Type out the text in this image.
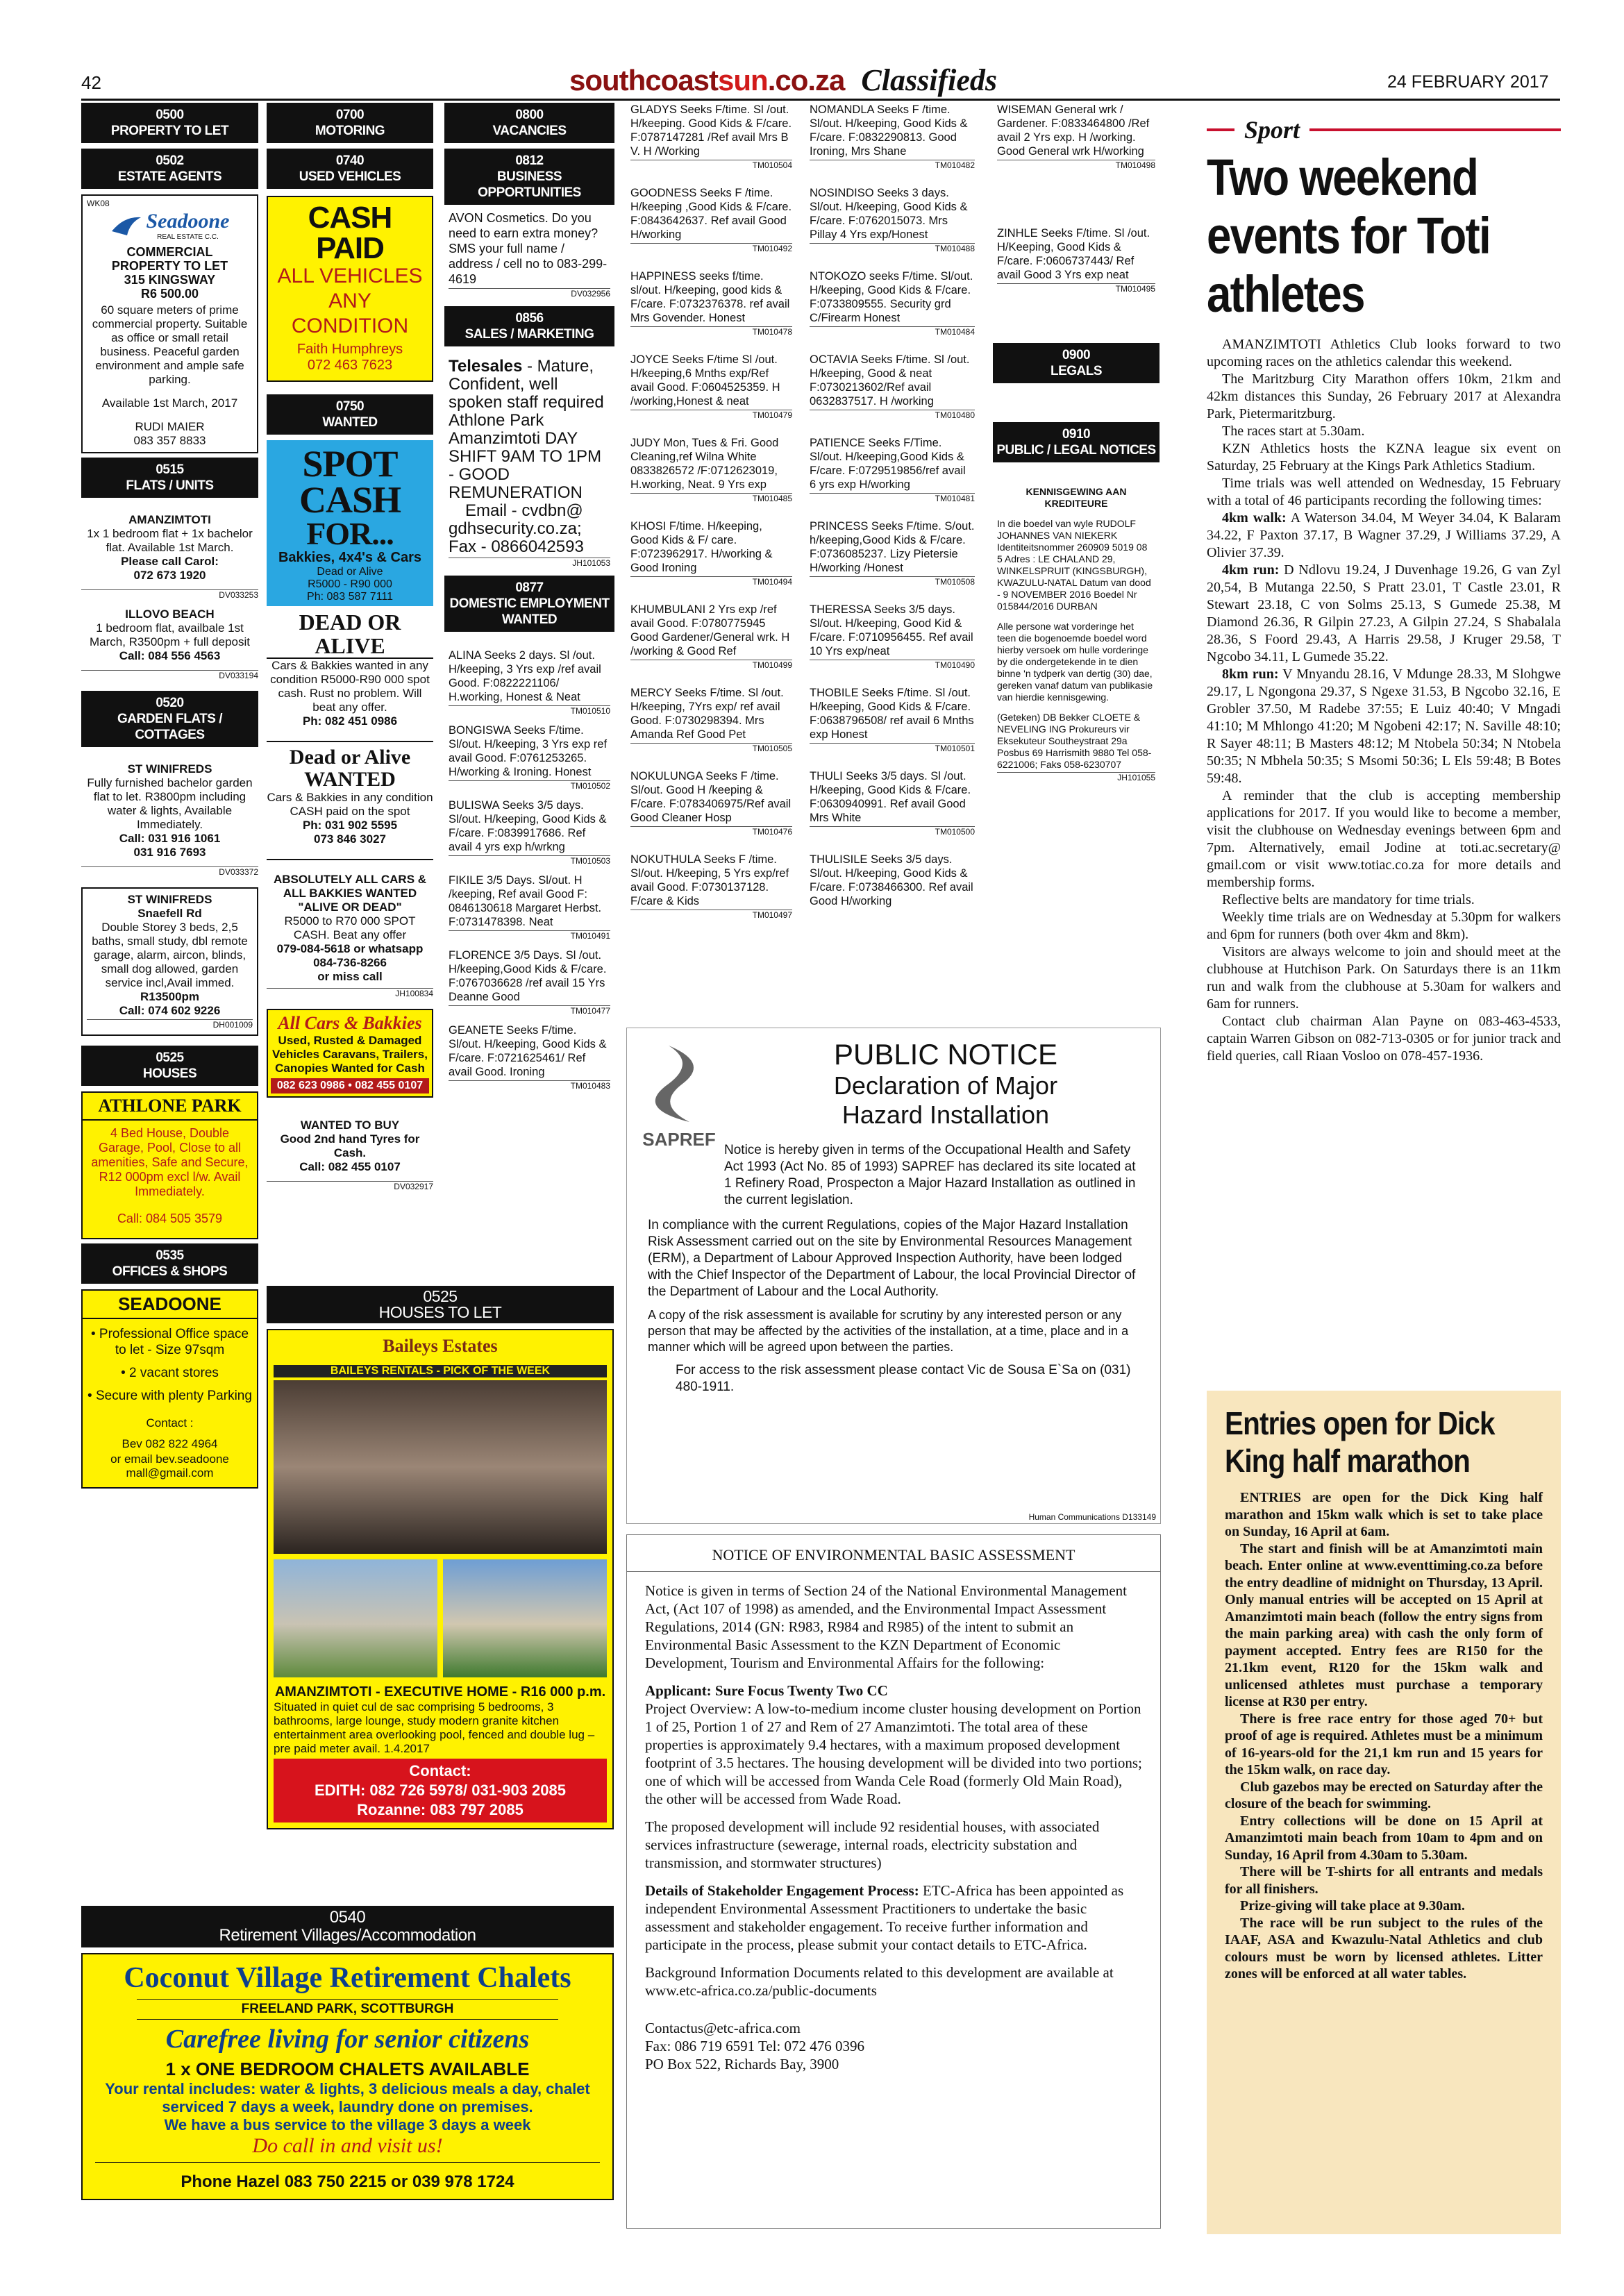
42	southcoastsun.co.za Classifieds	24 FEBRUARY 2017
0500
PROPERTY TO LET
0502
ESTATE AGENTS
WK08
Seadoone
REAL ESTATE C.C.
COMMERCIAL
PROPERTY TO LET
315 KINGSWAY
R6 500.00
60 square meters of prime commercial property. Suitable as office or small retail business. Peaceful garden environment and ample safe parking.
Available 1st March, 2017
RUDI MAIER
083 357 8833
0515
FLATS / UNITS
AMANZIMTOTI
1x 1 bedroom flat + 1x bachelor flat. Available 1st March.
Please call Carol:
072 673 1920
DV033253
ILLOVO BEACH
1 bedroom flat, availbale 1st March, R3500pm + full deposit
Call: 084 556 4563
DV033194
0520
GARDEN FLATS / COTTAGES
ST WINIFREDS
Fully furnished bachelor garden flat to let. R3800pm including water & lights, Available Immediately.
Call: 031 916 1061
031 916 7693
DV033372
ST WINIFREDS
Snaefell Rd
Double Storey 3 beds, 2,5 baths, small study, dbl remote garage, alarm, aircon, blinds, small dog allowed, garden service incl,Avail immed.
R13500pm
Call: 074 602 9226
DH001009
0525
HOUSES
ATHLONE PARK
4 Bed House, Double Garage, Pool, Close to all amenities, Safe and Secure, R12 000pm excl l/w. Avail Immediately.
Call: 084 505 3579
0535
OFFICES & SHOPS
SEADOONE
• Professional Office space to let - Size 97sqm
• 2 vacant stores
• Secure with plenty Parking
Contact :
Bev 082 822 4964
or email bev.seadoone mall@gmail.com
0700
MOTORING
0740
USED VEHICLES
CASH PAID
ALL VEHICLES
ANY
CONDITION
Faith Humphreys
072 463 7623
0750
WANTED
SPOT
CASH
FOR...
Bakkies, 4x4's & Cars
Dead or Alive
R5000 - R90 000
Ph: 083 587 7111
DEAD OR ALIVE
Cars & Bakkies wanted in any condition R5000-R90 000 spot cash. Rust no problem. Will beat any offer.
Ph: 082 451 0986
Dead or Alive
WANTED
Cars & Bakkies in any condition CASH paid on the spot
Ph: 031 902 5595
073 846 3027
ABSOLUTELY ALL CARS & ALL BAKKIES WANTED "ALIVE OR DEAD"
R5000 to R70 000 SPOT CASH. Beat any offer
079-084-5618 or whatsapp 084-736-8266
or miss call
JH100834
All Cars & Bakkies
Used, Rusted & Damaged Vehicles Caravans, Trailers, Canopies Wanted for Cash
082 623 0986 • 082 455 0107
WANTED TO BUY
Good 2nd hand Tyres for Cash.
Call: 082 455 0107
DV032917
0800
VACANCIES
0812
BUSINESS OPPORTUNITIES
AVON Cosmetics. Do you need to earn extra money? SMS your full name / address / cell no to 083-299-4619
DV032956
0856
SALES / MARKETING
Telesales - Mature, Confident, well spoken staff required Athlone Park Amanzimtoti DAY SHIFT 9AM TO 1PM - GOOD REMUNERATION
Email - cvdbn@ gdhsecurity.co.za;
Fax - 0866042593
JH101053
0877
DOMESTIC EMPLOYMENT WANTED
ALINA Seeks 2 days. Sl /out. H/keeping, 3 Yrs exp /ref avail Good. F:0822221106/ H.working, Honest & Neat
TM010510
BONGISWA Seeks F/time. Sl/out. H/keeping, 3 Yrs exp ref avail Good. F:0761253265. H/working & Ironing. Honest
TM010502
BULISWA Seeks 3/5 days. Sl/out. H/keeping, Good Kids & F/care. F:0839917686. Ref avail 4 yrs exp h/wrkng
TM010503
FIKILE 3/5 Days. Sl/out. H /keeping, Ref avail Good F: 0846130618 Margaret Herbst. F:0731478398. Neat
TM010491
FLORENCE 3/5 Days. Sl /out. H/keeping,Good Kids & F/care. F:0767036628 /ref avail 15 Yrs Deanne Good
TM010477
GEANETE Seeks F/time. Sl/out. H/keeping, Good Kids & F/care. F:0721625461/ Ref avail Good. Ironing
TM010483
GLADYS Seeks F/time. Sl /out. H/keeping. Good Kids & F/care. F:0787147281 /Ref avail Mrs B V. H /Working
TM010504
GOODNESS Seeks F /time. H/keeping ,Good Kids & F/care. F:0843642637. Ref avail Good H/working
TM010492
HAPPINESS seeks f/time. sl/out. H/keeping, good kids & F/care. F:0732376378. ref avail Mrs Govender. Honest
TM010478
JOYCE Seeks F/time Sl /out. H/keeping,6 Mnths exp/Ref avail Good. F:0604525359. H /working,Honest & neat
TM010479
JUDY Mon, Tues & Fri. Good Cleaning,ref Wilna White 0833826572 /F:0712623019, H.working, Neat. 9 Yrs exp
TM010485
KHOSI F/time. H/keeping, Good Kids & F/ care. F:0723962917. H/working & Good Ironing
TM010494
KHUMBULANI 2 Yrs exp /ref avail Good. F:0780775945 Good Gardener/General wrk. H /working & Good Ref
TM010499
MERCY Seeks F/time. Sl /out. H/keeping, 7Yrs exp/ ref avail Good. F:0730298394. Mrs Amanda Ref Good Pet
TM010505
NOKULUNGA Seeks F /time. Sl/out. Good H /keeping & F/care. F:0783406975/Ref avail Good Cleaner Hosp
TM010476
NOKUTHULA Seeks F /time. Sl/out. H/keeping, 5 Yrs exp/ref avail Good. F:0730137128. F/care & Kids
TM010497
NOMANDLA Seeks F /time. Sl/out. H/keeping, Good Kids & F/care. F:0832290813. Good Ironing, Mrs Shane
TM010482
NOSINDISO Seeks 3 days. Sl/out. H/keeping, Good Kids & F/care. F:0762015073. Mrs Pillay 4 Yrs exp/Honest
TM010488
NTOKOZO seeks F/time. Sl/out. H/keeping, Good Kids & F/care. F:0733809555. Security grd C/Firearm Honest
TM010484
OCTAVIA Seeks F/time. Sl /out. H/keeping, Good & neat F:0730213602/Ref avail 0632837517. H /working
TM010480
PATIENCE Seeks F/Time. Sl/out. H/keeping,Good Kids & F/care. F:0729519856/ref avail 6 yrs exp H/working
TM010481
PRINCESS Seeks F/time. S/out. h/keeping,Good Kids & F/care. F:0736085237. Lizy Pietersie H/working /Honest
TM010508
THERESSA Seeks 3/5 days. Sl/out. H/keeping, Good Kid & F/care. F:0710956455. Ref avail 10 Yrs exp/neat
TM010490
THOBILE Seeks F/time. Sl /out. H/keeping, Good Kids & F/care. F:0638796508/ ref avail 6 Mnths exp Honest
TM010501
THULI Seeks 3/5 days. Sl /out. H/keeping, Good Kids & F/care. F:0630940991. Ref avail Good Mrs White
TM010500
THULISILE Seeks 3/5 days. Sl/out. H/keeping, Good Kids & F/care. F:0738466300. Ref avail Good H/working
WISEMAN General wrk / Gardener. F:0833464800 /Ref avail 2 Yrs exp. H /working. Good General wrk H/working
TM010498
ZINHLE Seeks F/time. Sl /out. H/Keeping, Good Kids & F/care. F:0606737443/ Ref avail Good 3 Yrs exp neat
TM010495
0900
LEGALS
0910
PUBLIC / LEGAL NOTICES
KENNISGEWING AAN KREDITEURE
In die boedel van wyle RUDOLF JOHANNES VAN NIEKERK Identiteitsnommer 260909 5019 08 5 Adres : LE CHALAND 29, WINKELSPRUIT (KINGSBURGH), KWAZULU-NATAL Datum van dood - 9 NOVEMBER 2016 Boedel Nr 015844/2016 DURBAN
Alle persone wat vorderinge het teen die bogenoemde boedel word hierby versoek om hulle vorderinge by die ondergetekende in te dien binne 'n tydperk van dertig (30) dae, gereken vanaf datum van publikasie van hierdie kennisgewing.
(Geteken) DB Bekker CLOETE & NEVELING ING Prokureurs vir Eksekuteur Southeystraat 29a Posbus 69 Harrismith 9880 Tel 058-6221006; Faks 058-6230707
JH101055
0525
HOUSES TO LET
Baileys Estates
BAILEYS RENTALS - PICK OF THE WEEK
AMANZIMTOTI - EXECUTIVE HOME - R16 000 p.m.
Situated in quiet cul de sac comprising 5 bedrooms, 3 bathrooms, large lounge, study modern granite kitchen entertainment area overlooking pool, fenced and double lug – pre paid meter avail. 1.4.2017
Contact:
EDITH: 082 726 5978/ 031-903 2085
Rozanne: 083 797 2085
0540
Retirement Villages/Accommodation
Coconut Village Retirement Chalets
FREELAND PARK, SCOTTBURGH
Carefree living for senior citizens
1 x ONE BEDROOM CHALETS AVAILABLE
Your rental includes: water & lights, 3 delicious meals a day, chalet serviced 7 days a week, laundry done on premises.
We have a bus service to the village 3 days a week
Do call in and visit us!
Phone Hazel 083 750 2215 or 039 978 1724
SAPREF
PUBLIC NOTICE
Declaration of Major
Hazard Installation
Notice is hereby given in terms of the Occupational Health and Safety Act 1993 (Act No. 85 of 1993) SAPREF has declared its site located at 1 Refinery Road, Prospecton a Major Hazard Installation as outlined in the current legislation.
In compliance with the current Regulations, copies of the Major Hazard Installation Risk Assessment carried out on the site by Environmental Resources Management (ERM), a Department of Labour Approved Inspection Authority, have been lodged with the Chief Inspector of the Department of Labour, the local Provincial Director of the Department of Labour and the Local Authority.
A copy of the risk assessment is available for scrutiny by any interested person or any person that may be affected by the activities of the installation, at a time, place and in a manner which will be agreed upon between the parties.
For access to the risk assessment please contact Vic de Sousa E`Sa on (031) 480-1911.
Human Communications D133149
NOTICE OF ENVIRONMENTAL BASIC ASSESSMENT
Notice is given in terms of Section 24 of the National Environmental Management Act, (Act 107 of 1998) as amended, and the Environmental Impact Assessment Regulations, 2014 (GN: R983, R984 and R985) of the intent to submit an Environmental Basic Assessment to the KZN Department of Economic Development, Tourism and Environmental Affairs for the following:
Applicant: Sure Focus Twenty Two CC
Project Overview: A low-to-medium income cluster housing development on Portion 1 of 25, Portion 1 of 27 and Rem of 27 Amanzimtoti. The total area of these properties is approximately 9.4 hectares, with a maximum proposed development footprint of 3.5 hectares. The housing development will be divided into two portions; one of which will be accessed from Wanda Cele Road (formerly Old Main Road), the other will be accessed from Wade Road.
The proposed development will include 92 residential houses, with associated services infrastructure (sewerage, internal roads, electricity substation and transmission, and stormwater structures)
Details of Stakeholder Engagement Process: ETC-Africa has been appointed as independent Environmental Assessment Practitioners to undertake the basic assessment and stakeholder engagement. To receive further information and participate in the process, please submit your contact details to ETC-Africa.
Background Information Documents related to this development are available at www.etc-africa.co.za/public-documents
Contactus@etc-africa.com
Fax: 086 719 6591 Tel: 072 476 0396
PO Box 522, Richards Bay, 3900
Sport
Two weekend events for Toti athletes

AMANZIMTOTI Athletics Club looks forward to two upcoming races on the athletics calendar this weekend.

The Maritzburg City Marathon offers 10km, 21km and 42km distances this Sunday, 26 February 2017 at Alexandra Park, Pietermaritzburg.

The races start at 5.30am.

KZN Athletics hosts the KZNA league six event on Saturday, 25 February at the Kings Park Athletics Stadium.

Time trials was well attended on Wednesday, 15 February with a total of 46 participants recording the following times:

4km walk: A Waterson 34.04, M Weyer 34.04, K Balaram 34.22, F Paxton 37.17, B Wagner 37.29, J Williams 37.29, A Olivier 37.39.

4km run: D Ndlovu 19.24, J Duvenhage 19.26, G van Zyl 20,54, B Mutanga 22.50, S Pratt 23.01, T Castle 23.01, R Stewart 23.18, C von Solms 25.13, S Gumede 25.38, M Diamond 26.36, R Gilpin 27.23, A Gilpin 27.24, S Shabalala 28.36, S Foord 29.43, A Harris 29.58, J Kruger 29.58, T Ngcobo 34.11, L Gumede 35.22.

8km run: V Mnyandu 28.16, V Mdunge 28.33, M Slohgwe 29.17, L Ngongona 29.37, S Ngexe 31.53, B Ngcobo 32.16, E Grobler 37.50, M Radebe 37:55; E Luiz 40:40; V Mngadi 41:10; M Mhlongo 41:20; M Ngobeni 42:17; N. Saville 48:10; R Sayer 48:11; B Masters 48:12; M Ntobela 50:34; N Ntobela 50:35; N Mbhela 50:35; S Msomi 50:36; L Els 59:48; B Botes 59:48.

A reminder that the club is accepting membership applications for 2017. If you would like to become a member, visit the clubhouse on Wednesday evenings between 6pm and 7pm. Alternatively, email Jodine at toti.ac.secretary@ gmail.com or visit www.totiac.co.za for more details and membership forms.

Reflective belts are mandatory for time trials.

Weekly time trials are on Wednesday at 5.30pm for walkers and 6pm for runners (both over 4km and 8km).

Visitors are always welcome to join and should meet at the clubhouse at Hutchison Park. On Saturdays there is an 11km run and walk from the clubhouse at 5.30am for walkers and 6am for runners.

Contact club chairman Alan Payne on 083-463-4533, captain Warren Gibson on 082-713-0305 or for junior track and field queries, call Riaan Vosloo on 078-457-1936.

Entries open for Dick King half marathon

ENTRIES are open for the Dick King half marathon and 15km walk which is set to take place on Sunday, 16 April at 6am.

The start and finish will be at Amanzimtoti main beach. Enter online at www.eventtiming.co.za before the entry deadline of midnight on Thursday, 13 April. Only manual entries will be accepted on 15 April at Amanzimtoti main beach (follow the entry signs from the main parking area) with cash the only form of payment accepted. Entry fees are R150 for the 21.1km event, R120 for the 15km walk and unlicensed athletes must purchase a temporary license at R30 per entry.

There is free race entry for those aged 70+ but proof of age is required. Athletes must be a minimum of 16-years-old for the 21,1 km run and 15 years for the 15km walk, on race day.

Club gazebos may be erected on Saturday after the closure of the beach for swimming.

Entry collections will be done on 15 April at Amanzimtoti main beach from 10am to 4pm and on Sunday, 16 April from 4.30am to 5.30am.

There will be T-shirts for all entrants and medals for all finishers.

Prize-giving will take place at 9.30am.

The race will be run subject to the rules of the IAAF, ASA and Kwazulu-Natal Athletics and club colours must be worn by licensed athletes. Litter zones will be enforced at all water tables.
